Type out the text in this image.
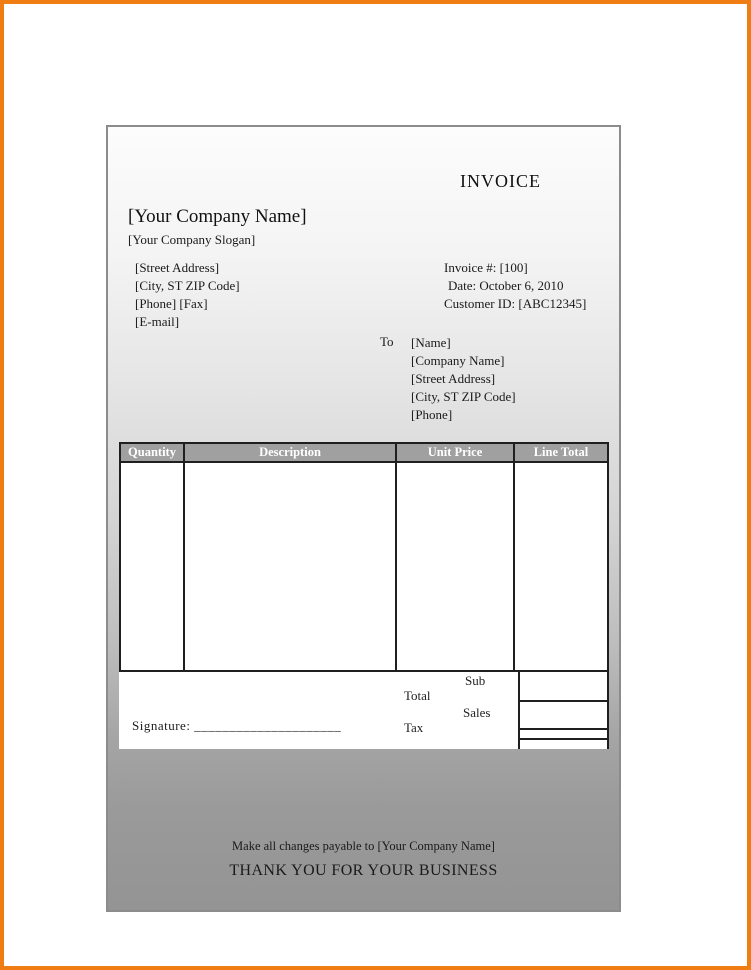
INVOICE
[Your Company Name]
[Your Company Slogan]
[Street Address]
[City, ST ZIP Code]
[Phone] [Fax]
[E-mail]
Invoice #: [100]
Date: October 6, 2010
Customer ID: [ABC12345]
To [Name]
[Company Name]
[Street Address]
[City, ST ZIP Code]
[Phone]
Quantity	Description	Unit Price	Line Total
Sub
Total
Sales
Tax
Signature: _____________________
Make all changes payable to [Your Company Name]
THANK YOU FOR YOUR BUSINESS
